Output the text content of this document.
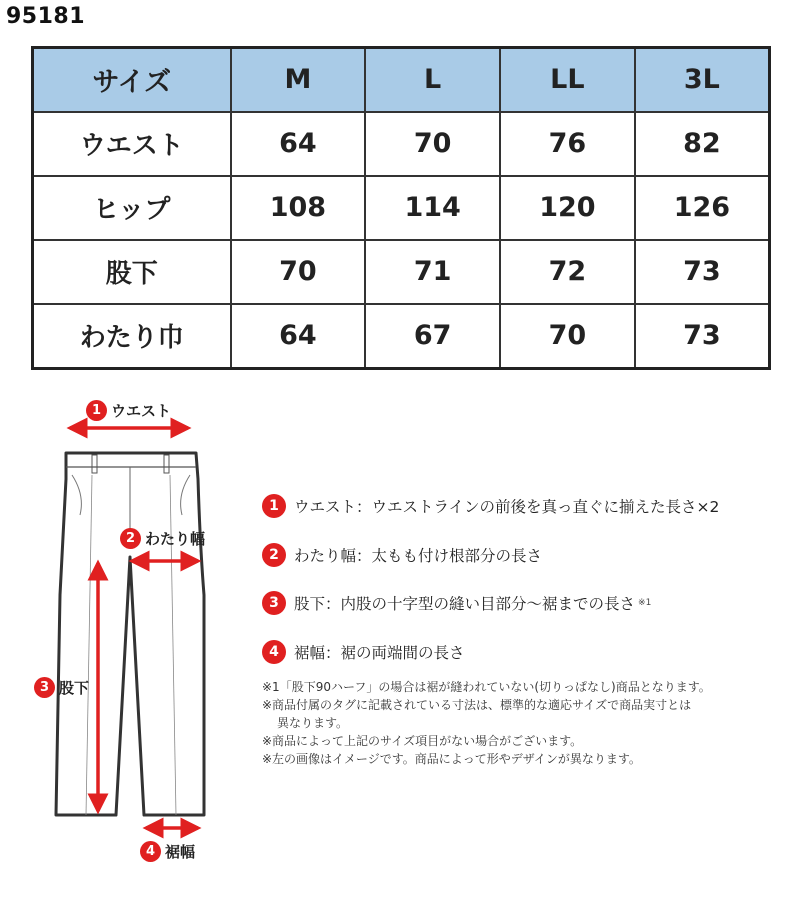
95181
サイズ	M	L	LL	3L
ウエスト	64	70	76	82
ヒップ	108	114	120	126
股下	70	71	72	73
わたり巾	64	67	70	73
1 ウエスト
2 わたり幅
3 股下
4 裾幅
1 ウエスト ：ウエストラインの前後を真っ直ぐに揃えた長さ×2
2 わたり幅 ：太もも付け根部分の長さ
3 股下 ：内股の十字型の縫い目部分〜裾までの長さ ※1
4 裾幅 ：裾の両端間の長さ
※1「股下90ハーフ」の場合は裾が縫われていない(切りっぱなし)商品となります。
※商品付属のタグに記載されている寸法は、標準的な適応サイズで商品実寸とは
異なります。
※商品によって上記のサイズ項目がない場合がございます。
※左の画像はイメージです。商品によって形やデザインが異なります。
